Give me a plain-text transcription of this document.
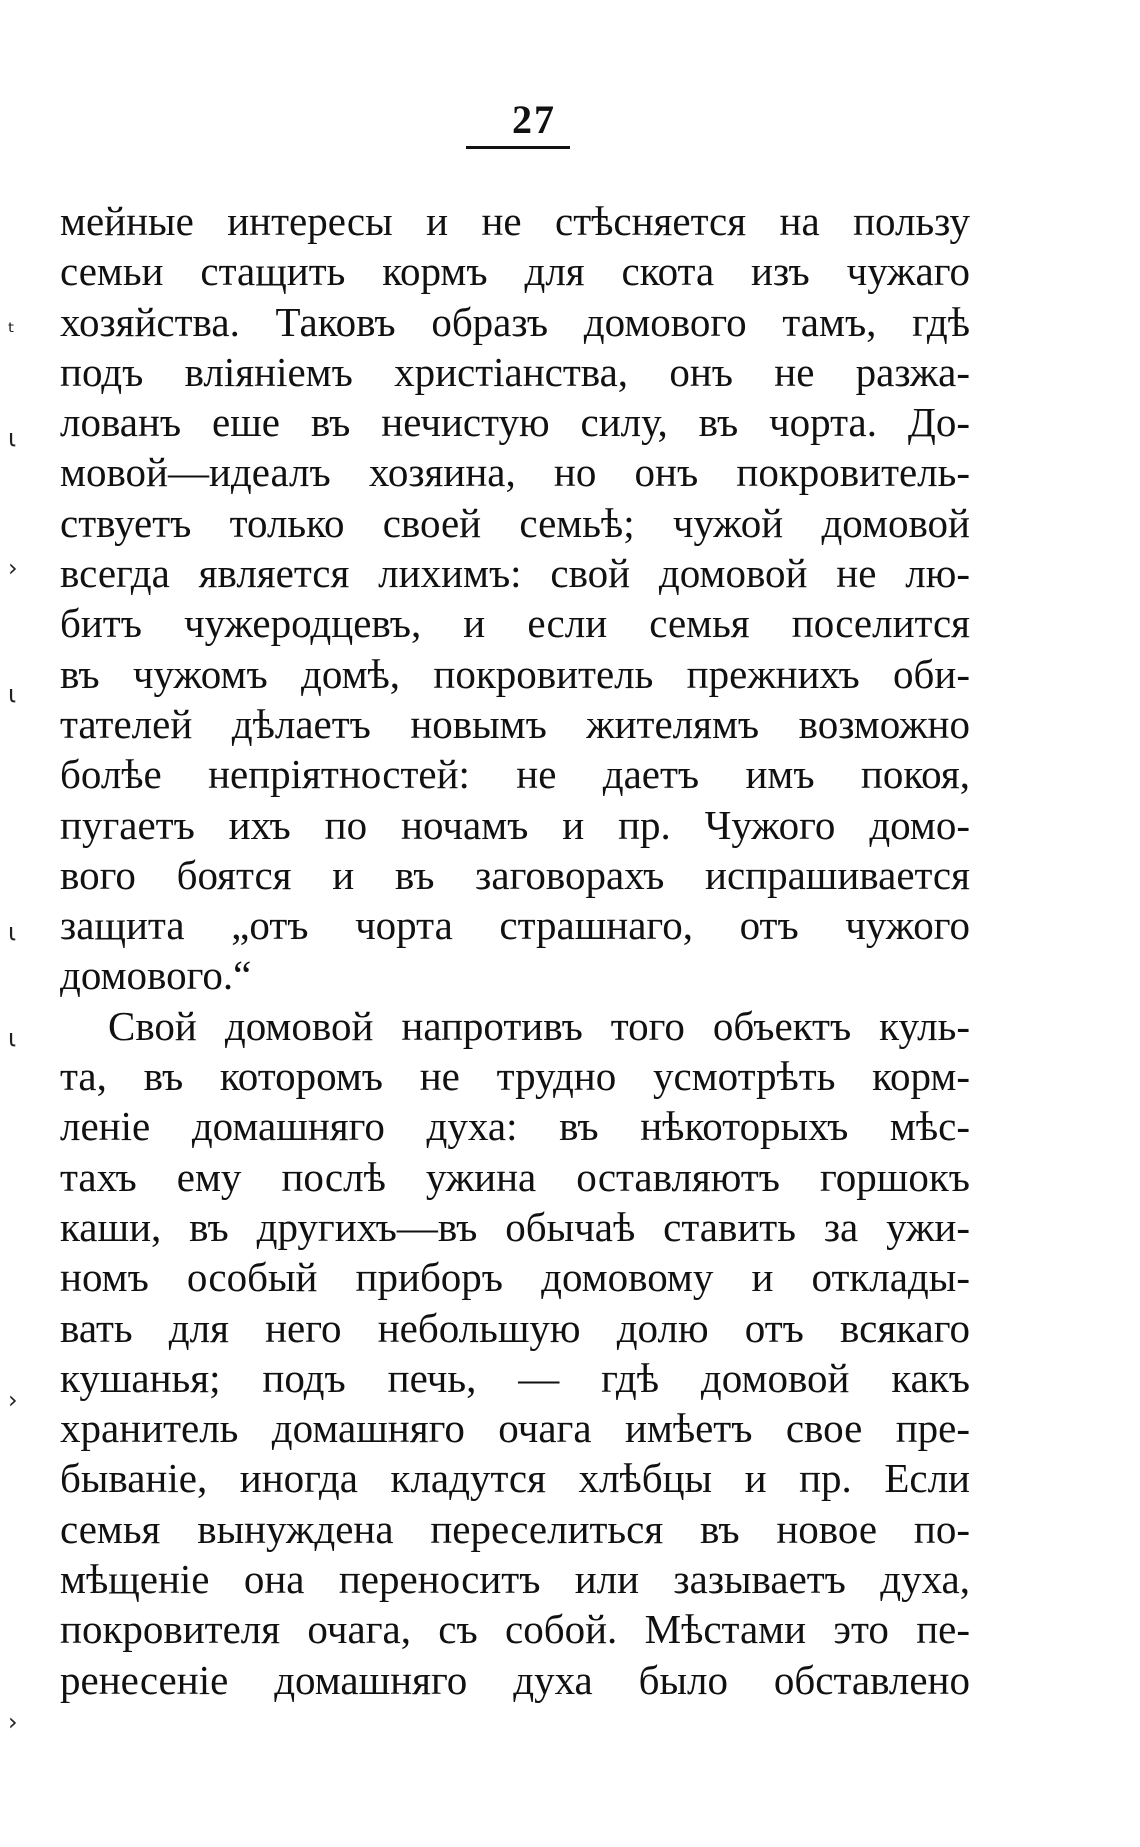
27
ᵗ
ι
›
ι
ι
ι
›
›
мейные интересы и не стѣсняется на пользу
семьи стащить кормъ для скота изъ чужаго
хозяйства. Таковъ образъ домового тамъ, гдѣ
подъ вліяніемъ христіанства, онъ не разжа-
лованъ еше въ нечистую силу, въ чорта. До-
мовой—идеалъ хозяина, но онъ покровитель-
ствуетъ только своей семьѣ; чужой домовой
всегда является лихимъ: свой домовой не лю-
битъ чужеродцевъ, и если семья поселится
въ чужомъ домѣ, покровитель прежнихъ оби-
тателей дѣлаетъ новымъ жителямъ возможно
болѣе непріятностей: не даетъ имъ покоя,
пугаетъ ихъ по ночамъ и пр. Чужого домо-
вого боятся и въ заговорахъ испрашивается
защита „отъ чорта страшнаго, отъ чужого
домового.“
Свой домовой напротивъ того объектъ куль-
та, въ которомъ не трудно усмотрѣть корм-
леніе домашняго духа: въ нѣкоторыхъ мѣс-
тахъ ему послѣ ужина оставляютъ горшокъ
каши, въ другихъ—въ обычаѣ ставить за ужи-
номъ особый приборъ домовому и отклады-
вать для него небольшую долю отъ всякаго
кушанья; подъ печь, — гдѣ домовой какъ
хранитель домашняго очага имѣетъ свое пре-
бываніе, иногда кладутся хлѣбцы и пр. Если
семья вынуждена переселиться въ новое по-
мѣщеніе она переноситъ или зазываетъ духа,
покровителя очага, съ собой. Мѣстами это пе-
ренесеніе домашняго духа было обставлено
